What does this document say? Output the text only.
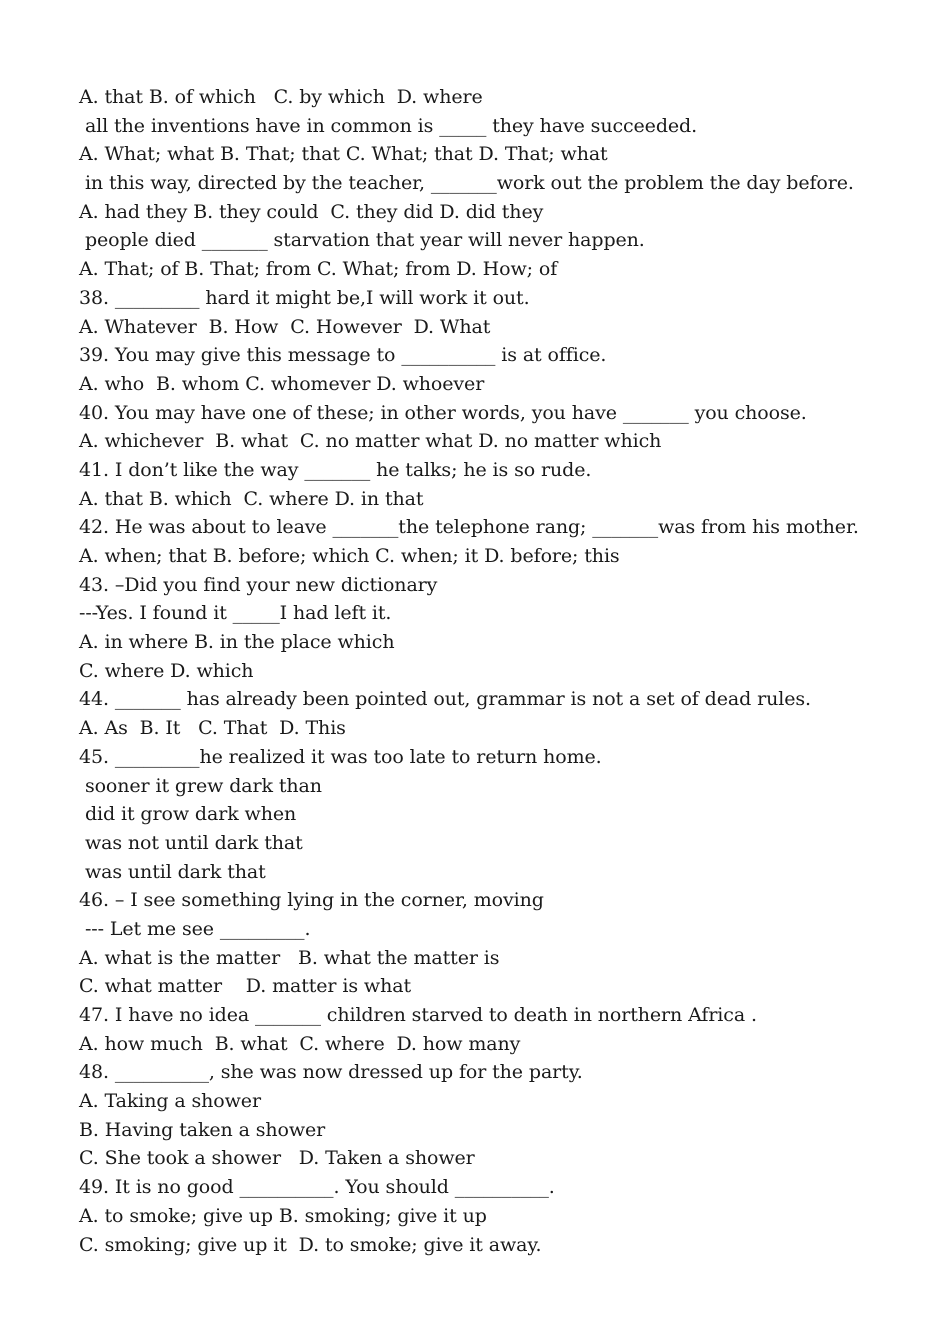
A. that B. of which   C. by which  D. where
all the inventions have in common is _____ they have succeeded.
A. What; what B. That; that C. What; that D. That; what
in this way, directed by the teacher, _______work out the problem the day before.
A. had they B. they could  C. they did D. did they
people died _______ starvation that year will never happen.
A. That; of B. That; from C. What; from D. How; of
38. _________ hard it might be,I will work it out.
A. Whatever  B. How  C. However  D. What
39. You may give this message to __________ is at office.
A. who  B. whom C. whomever D. whoever
40. You may have one of these; in other words, you have _______ you choose.
A. whichever  B. what  C. no matter what D. no matter which
41. I don’t like the way _______ he talks; he is so rude.
A. that B. which  C. where D. in that
42. He was about to leave _______the telephone rang; _______was from his mother.
A. when; that B. before; which C. when; it D. before; this
43. –Did you find your new dictionary
---Yes. I found it _____I had left it.
A. in where B. in the place which
C. where D. which
44. _______ has already been pointed out, grammar is not a set of dead rules.
A. As  B. It   C. That  D. This
45. _________he realized it was too late to return home.
sooner it grew dark than
did it grow dark when
was not until dark that
was until dark that
46. – I see something lying in the corner, moving
--- Let me see _________.
A. what is the matter   B. what the matter is
C. what matter    D. matter is what
47. I have no idea _______ children starved to death in northern Africa .
A. how much  B. what  C. where  D. how many
48. __________, she was now dressed up for the party.
A. Taking a shower
B. Having taken a shower
C. She took a shower   D. Taken a shower
49. It is no good __________. You should __________.
A. to smoke; give up B. smoking; give it up
C. smoking; give up it  D. to smoke; give it away.
